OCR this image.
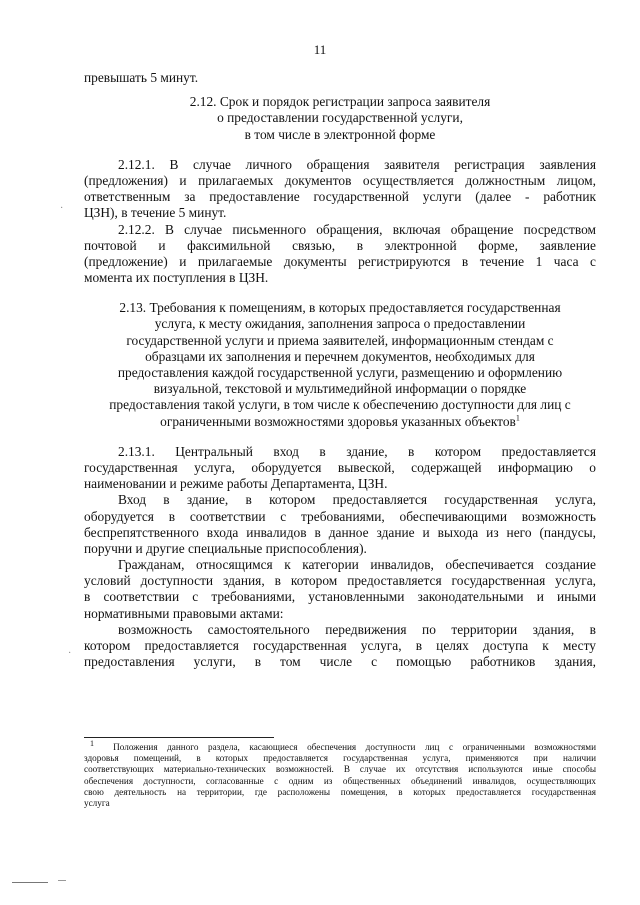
11
превышать 5 минут.
2.12. Срок и порядок регистрации запроса заявителя
о предоставлении государственной услуги,
в том числе в электронной форме
2.12.1. В случае личного обращения заявителя регистрация заявления
(предложения) и прилагаемых документов осуществляется должностным лицом,
ответственным за предоставление государственной услуги (далее - работник
ЦЗН), в течение 5 минут.
2.12.2. В случае письменного обращения, включая обращение посредством
почтовой и факсимильной связью, в электронной форме, заявление
(предложение) и прилагаемые документы регистрируются в течение 1 часа с
момента их поступления в ЦЗН.
2.13. Требования к помещениям, в которых предоставляется государственная
услуга, к месту ожидания, заполнения запроса о предоставлении
государственной услуги и приема заявителей, информационным стендам с
образцами их заполнения и перечнем документов, необходимых для
предоставления каждой государственной услуги, размещению и оформлению
визуальной, текстовой и мультимедийной информации о порядке
предоставления такой услуги, в том числе к обеспечению доступности для лиц с
ограниченными возможностями здоровья указанных объектов$^1$
2.13.1. Центральный вход в здание, в котором предоставляется
государственная услуга, оборудуется вывеской, содержащей информацию о
наименовании и режиме работы Департамента, ЦЗН.
Вход в здание, в котором предоставляется государственная услуга,
оборудуется в соответствии с требованиями, обеспечивающими возможность
беспрепятственного входа инвалидов в данное здание и выхода из него (пандусы,
поручни и другие специальные приспособления).
Гражданам, относящимся к категории инвалидов, обеспечивается создание
условий доступности здания, в котором предоставляется государственная услуга,
в соответствии с требованиями, установленными законодательными и иными
нормативными правовыми актами:
возможность самостоятельного передвижения по территории здания, в
котором предоставляется государственная услуга, в целях доступа к месту
предоставления услуги, в том числе с помощью работников здания,
$^1$ Положения данного раздела, касающиеся обеспечения доступности лиц с ограниченными возможностями
здоровья помещений, в которых предоставляется государственная услуга, применяются при наличии
соответствующих материально-технических возможностей. В случае их отсутствия используются иные способы
обеспечения доступности, согласованные с одним из общественных объединений инвалидов, осуществляющих
свою деятельность на территории, где расположены помещения, в которых предоставляется государственная
услуга
·
·
